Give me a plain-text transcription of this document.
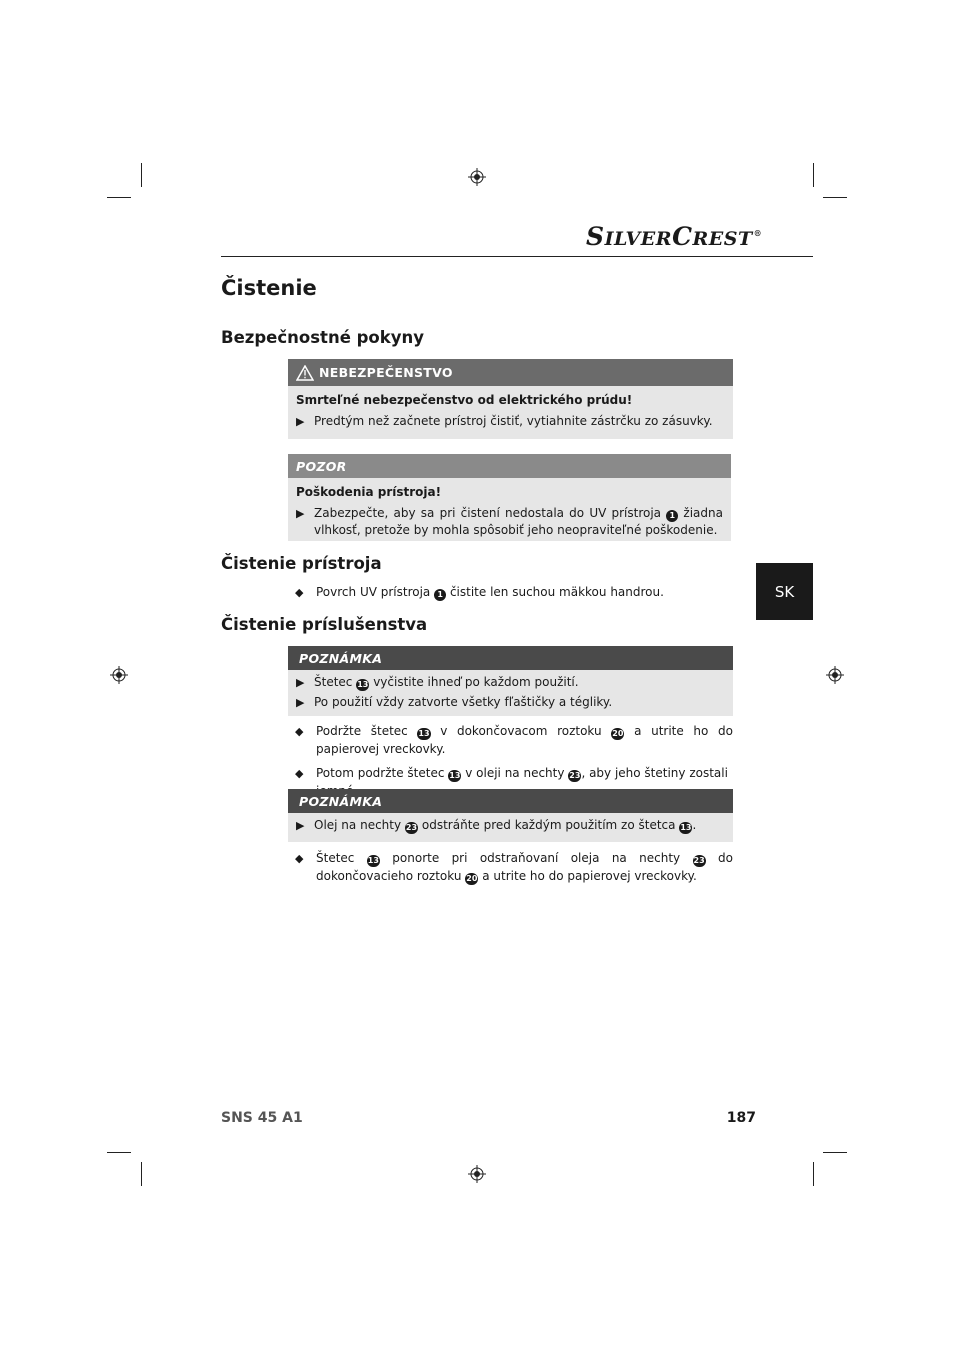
SILVERCREST®
Čistenie
Bezpečnostné pokyny
NEBEZPEČENSTVO
Smrteľné nebezpečenstvo od elektrického prúdu!
▶ Predtým než začnete prístroj čistiť, vytiahnite zástrčku zo zásuvky.
POZOR
Poškodenia prístroja!
▶ Zabezpečte, aby sa pri čistení nedostala do UV prístroja 1 žiadna vlhkosť, pretože by mohla spôsobiť jeho neopraviteľné poškodenie.
Čistenie prístroja
◆	Povrch UV prístroja 1 čistite len suchou mäkkou handrou.
Čistenie príslušenstva
POZNÁMKA
▶ Štetec 13 vyčistite ihneď po každom použití.
▶ Po použití vždy zatvorte všetky fľaštičky a tégliky.
◆	Podržte štetec 13 v dokončovacom roztoku 20 a utrite ho do papierovej vreckovky.
◆	Potom podržte štetec 13 v oleji na nechty 23, aby jeho štetiny zostali
POZNÁMKA
▶ Olej na nechty 23 odstráňte pred každým použitím zo štetca 13.
◆	Štetec 13 ponorte pri odstraňovaní oleja na nechty 23 do dokončovacieho roztoku 20 a utrite ho do papierovej vreckovky.
SK
SNS 45 A1	187
